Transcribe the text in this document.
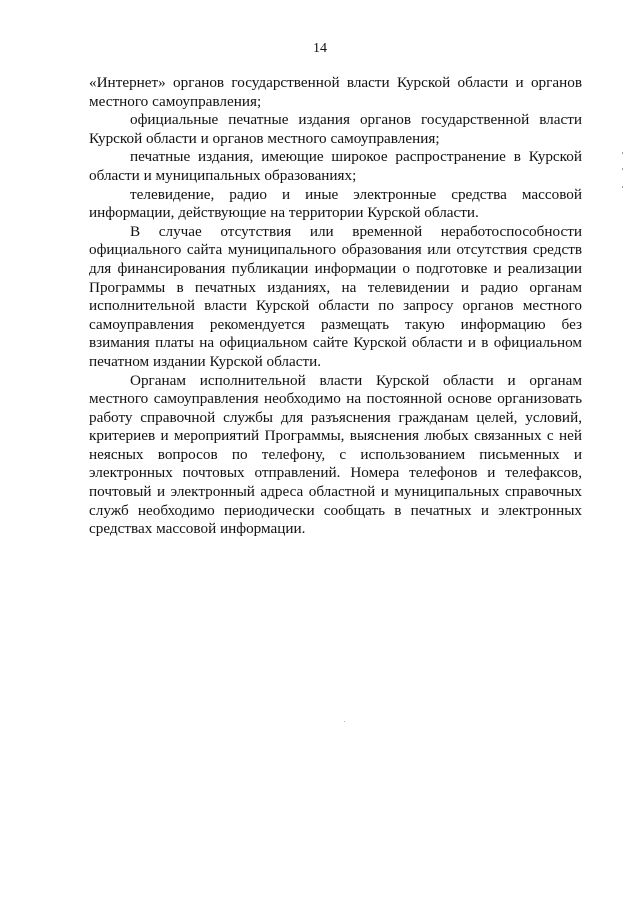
14

«Интернет» органов государственной власти Курской области и органов местного самоуправления;

официальные печатные издания органов государственной власти Курской области и органов местного самоуправления;

печатные издания, имеющие широкое распространение в Курской области и муниципальных образованиях;

телевидение, радио и иные электронные средства массовой информации, действующие на территории Курской области.

В случае отсутствия или временной неработоспособности официального сайта муниципального образования или отсутствия средств для финансирования публикации информации о подготовке и реализации Программы в печатных изданиях, на телевидении и радио органам исполнительной власти Курской области по запросу органов местного самоуправления рекомендуется размещать такую информацию без взимания платы на официальном сайте Курской области и в официальном печатном издании Курской области.

Органам исполнительной власти Курской области и органам местного самоуправления необходимо на постоянной основе организовать работу справочной службы для разъяснения гражданам целей, условий, критериев и мероприятий Программы, выяснения любых связанных с ней неясных вопросов по телефону, с использованием письменных и электронных почтовых отправлений. Номера телефонов и телефаксов, почтовый и электронный адреса областной и муниципальных справочных служб необходимо периодически сообщать в печатных и электронных средствах массовой информации.
